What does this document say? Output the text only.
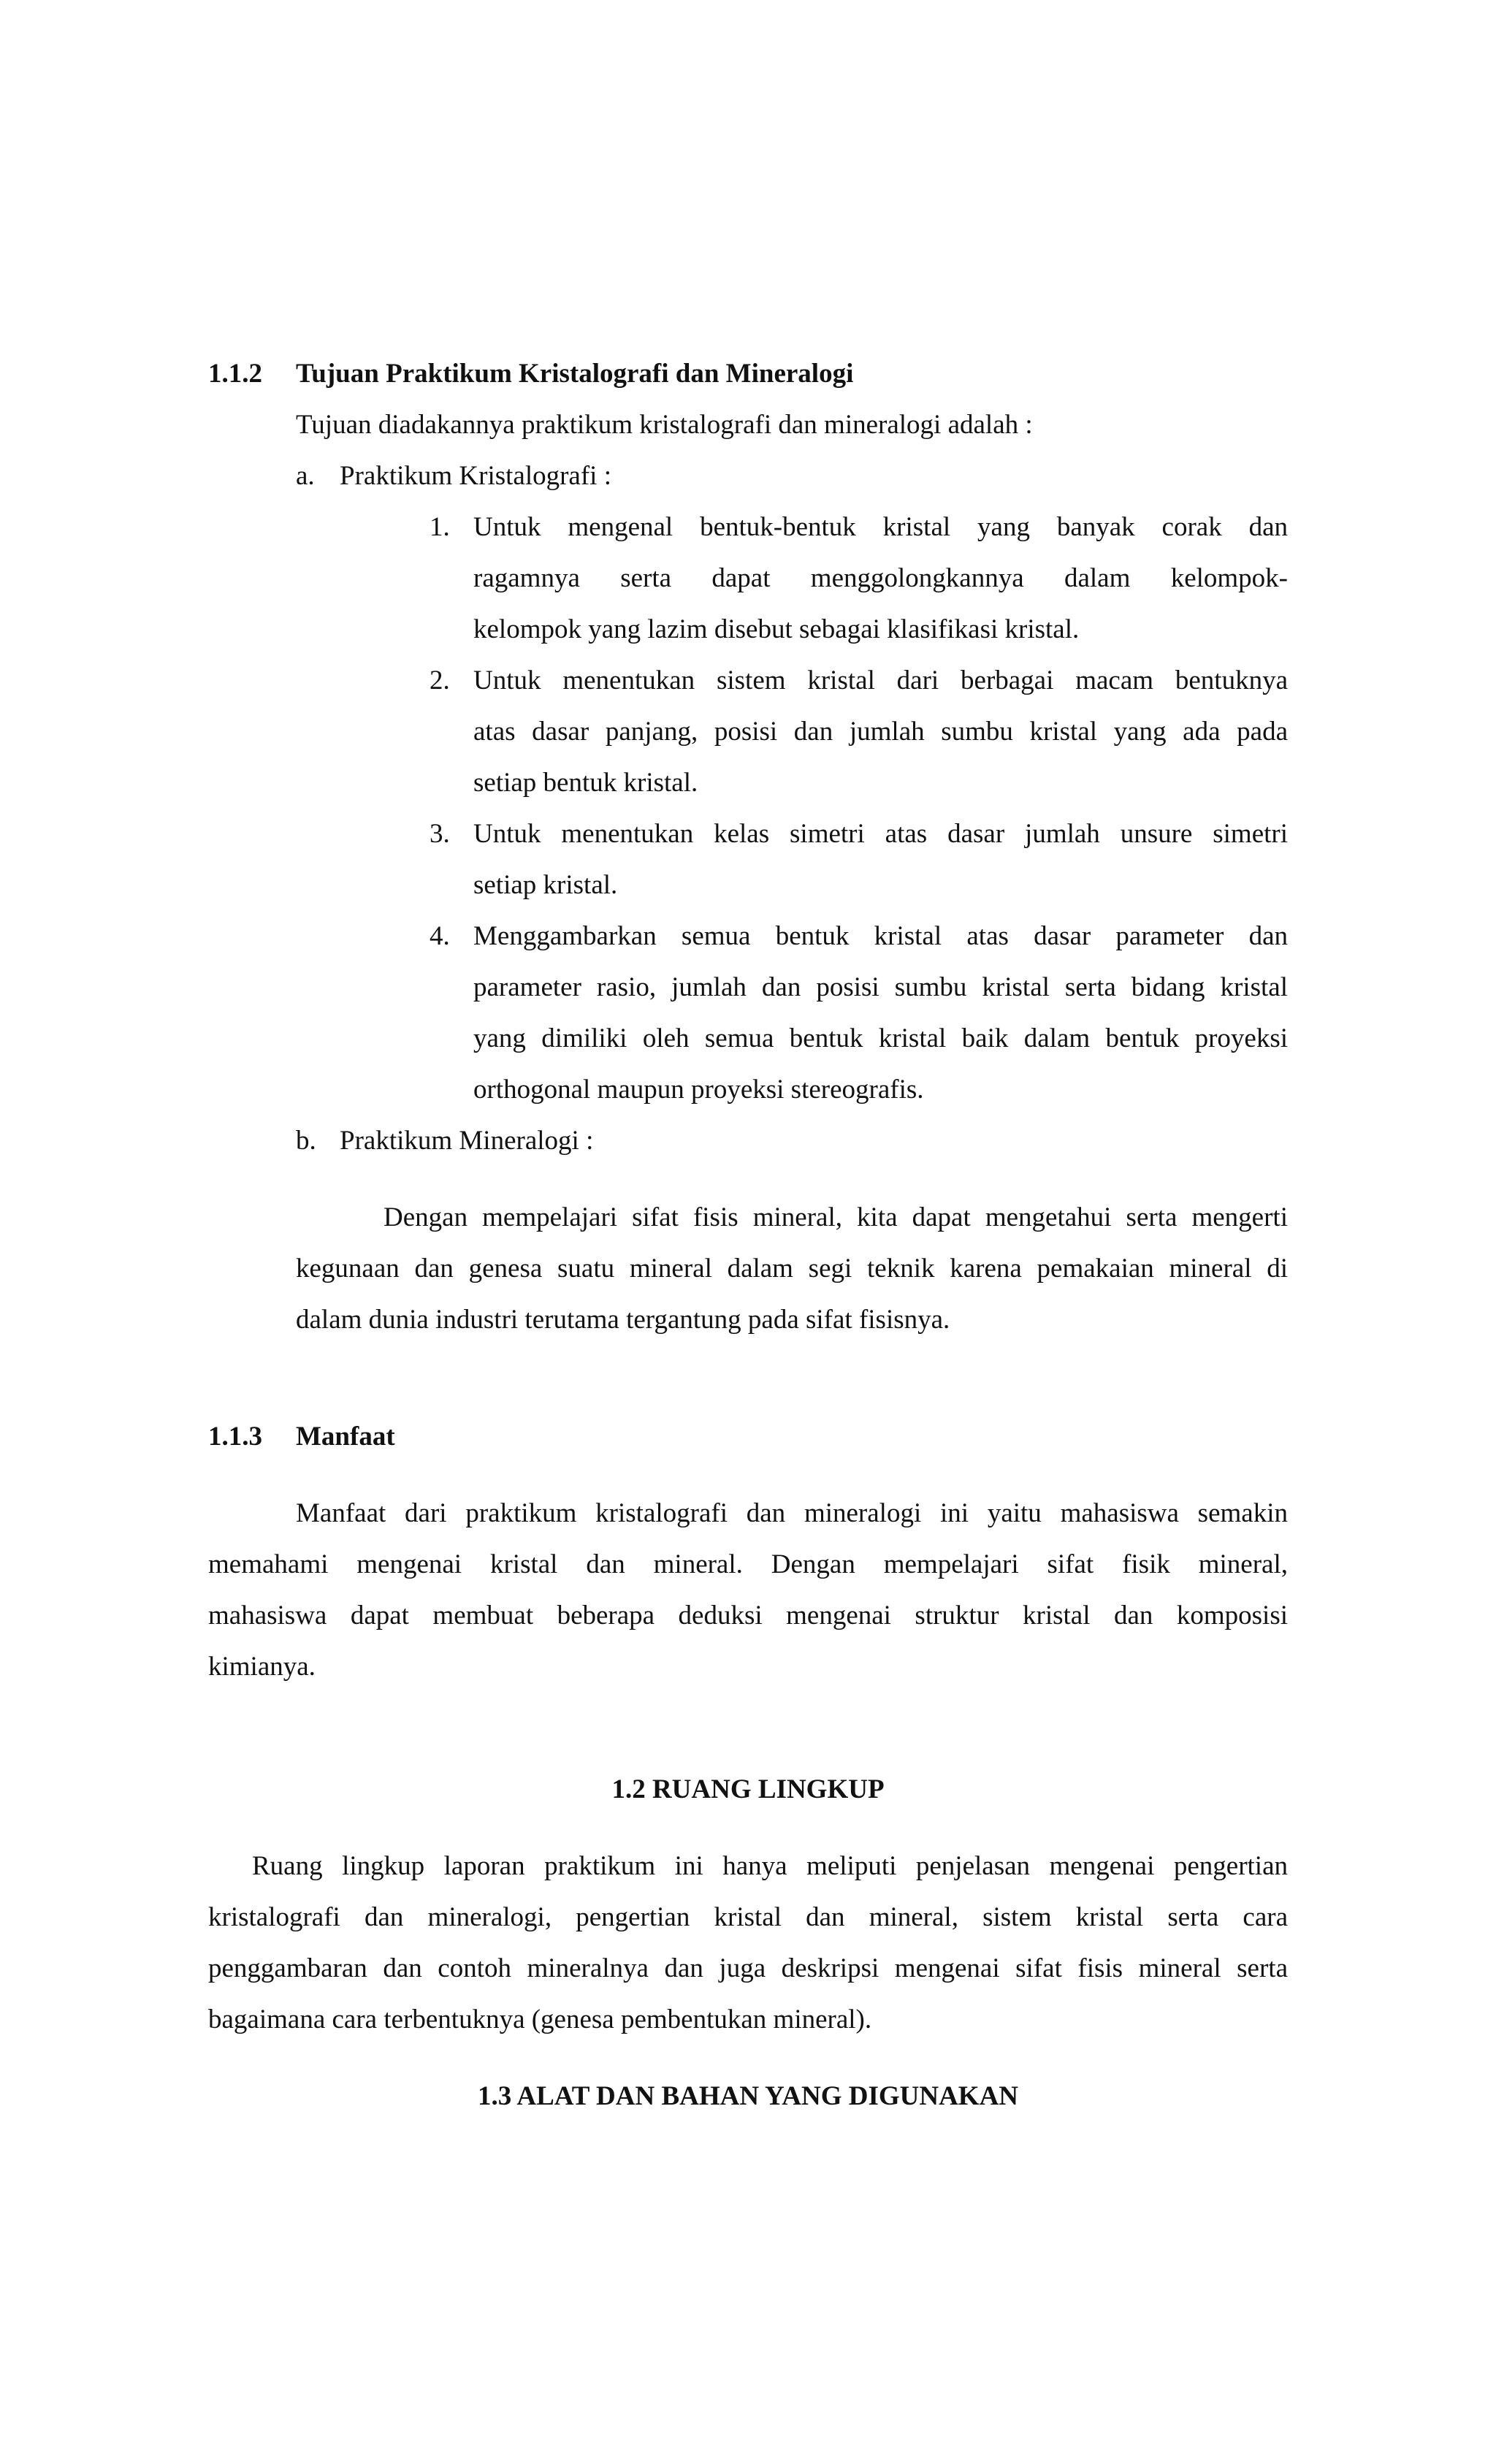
1.1.2 Tujuan Praktikum Kristalografi dan Mineralogi
Tujuan diadakannya praktikum kristalografi dan mineralogi adalah :
a. Praktikum Kristalografi :
1. Untuk mengenal bentuk-bentuk kristal yang banyak corak dan
ragamnya serta dapat menggolongkannya dalam kelompok-
kelompok yang lazim disebut sebagai klasifikasi kristal.
2. Untuk menentukan sistem kristal dari berbagai macam bentuknya
atas dasar panjang, posisi dan jumlah sumbu kristal yang ada pada
setiap bentuk kristal.
3. Untuk menentukan kelas simetri atas dasar jumlah unsure simetri
setiap kristal.
4. Menggambarkan semua bentuk kristal atas dasar parameter dan
parameter rasio, jumlah dan posisi sumbu kristal serta bidang kristal
yang dimiliki oleh semua bentuk kristal baik dalam bentuk proyeksi
orthogonal maupun proyeksi stereografis.
b. Praktikum Mineralogi :
Dengan mempelajari sifat fisis mineral, kita dapat mengetahui serta mengerti
kegunaan dan genesa suatu mineral dalam segi teknik karena pemakaian mineral di
dalam dunia industri terutama tergantung pada sifat fisisnya.
1.1.3 Manfaat
Manfaat dari praktikum kristalografi dan mineralogi ini yaitu mahasiswa semakin
memahami mengenai kristal dan mineral. Dengan mempelajari sifat fisik mineral,
mahasiswa dapat membuat beberapa deduksi mengenai struktur kristal dan komposisi
kimianya.
1.2 RUANG LINGKUP
Ruang lingkup laporan praktikum ini hanya meliputi penjelasan mengenai pengertian
kristalografi dan mineralogi, pengertian kristal dan mineral, sistem kristal serta cara
penggambaran dan contoh mineralnya dan juga deskripsi mengenai sifat fisis mineral serta
bagaimana cara terbentuknya (genesa pembentukan mineral).
1.3 ALAT DAN BAHAN YANG DIGUNAKAN
